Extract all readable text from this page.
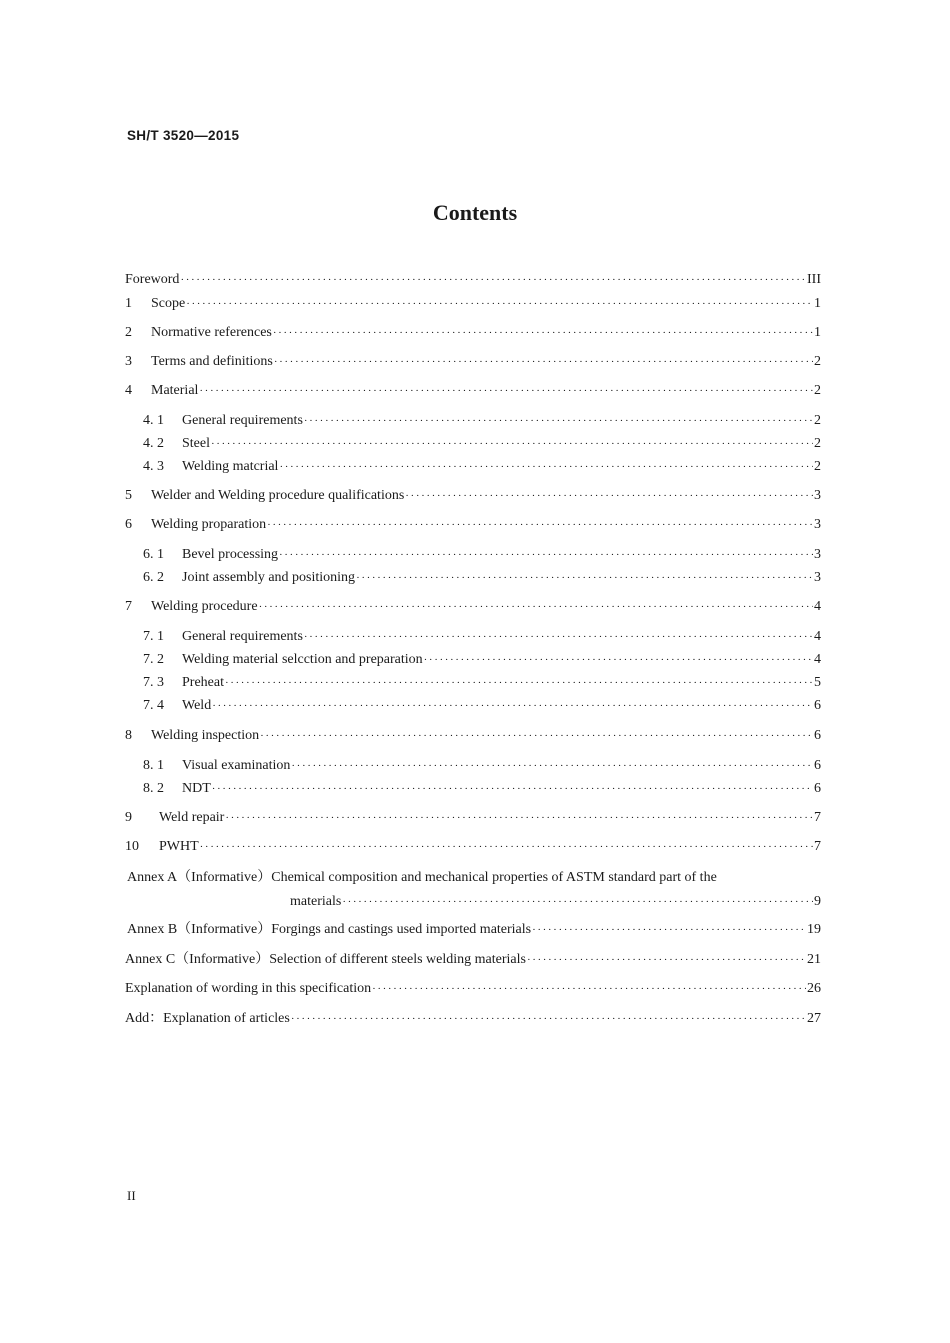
SH/T 3520—2015
Contents
Foreword ·····	III
1	Scope ·····	1
2	Normative references ·····	1
3	Terms and definitions ·····	2
4	Material ·····	2
4. 1	General requirements ·····	2
4. 2	Steel ·····	2
4. 3	Welding matcrial ·····	2
5	Welder and Welding procedure qualifications ·····	3
6	Welding proparation ·····	3
6. 1	Bevel processing ·····	3
6. 2	Joint assembly and positioning ·····	3
7	Welding procedure ·····	4
7. 1	General requirements ·····	4
7. 2	Welding material selcction and preparation ·····	4
7. 3	Preheat ·····	5
7. 4	Weld ·····	6
8	Welding inspection ·····	6
8. 1	Visual examination ·····	6
8. 2	NDT ·····	6
9	Weld repair ·····	7
10	PWHT ·····	7
Annex A（Informative）Chemical composition and mechanical properties of ASTM standard part of the
materials ·····	9
Annex B（Informative）Forgings and castings used imported materials ·····	19
Annex C（Informative）Selection of different steels welding materials ·····	21
Explanation of wording in this specification ·····	26
Add：Explanation of articles ·····	27
II
